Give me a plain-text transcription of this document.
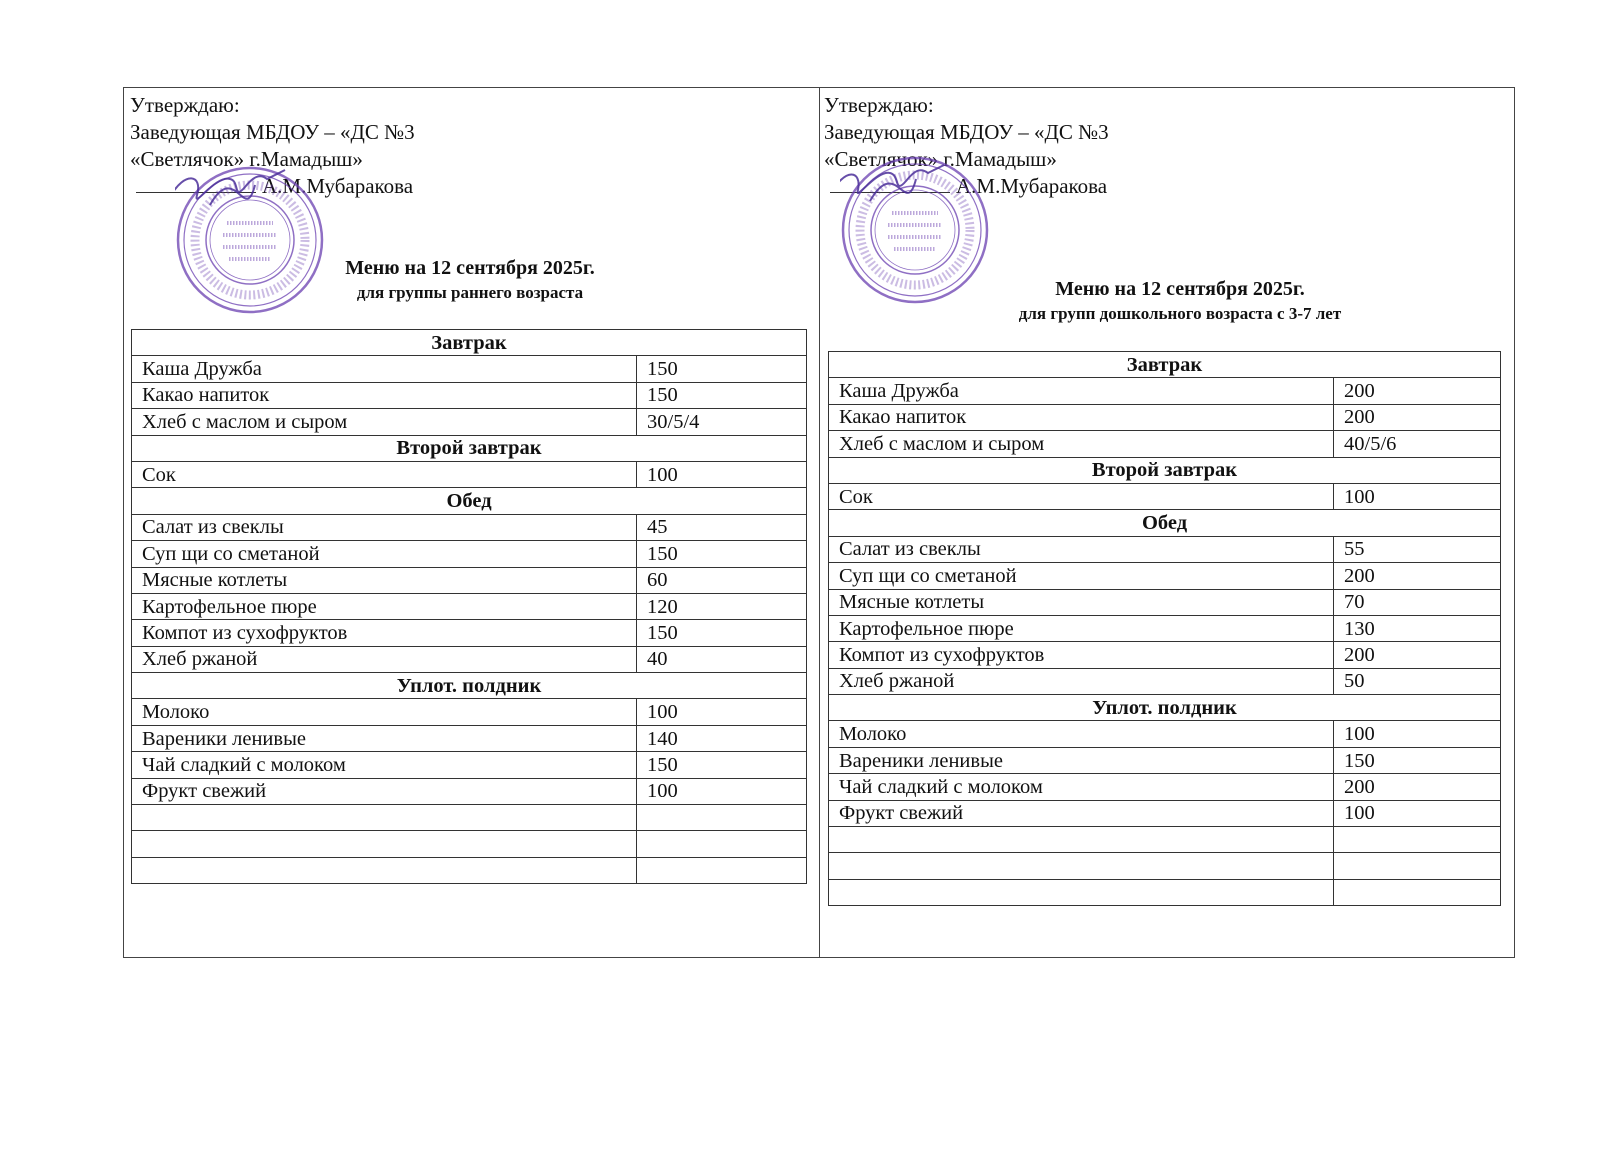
Утверждаю:
Заведующая МБДОУ – «ДС №3
«Светлячок» г.Мамадыш»
А.М.Мубаракова
Меню на 12 сентября 2025г.
для группы раннего возраста
Завтрак	
Каша Дружба	150
Какао напиток	150
Хлеб с маслом и сыром	30/5/4
Второй завтрак	
Сок	100
Обед	
Салат из свеклы	45
Суп щи со сметаной	150
Мясные котлеты	60
Картофельное пюре	120
Компот из сухофруктов	150
Хлеб ржаной	40
Уплот. полдник	
Молоко	100
Вареники ленивые	140
Чай сладкий с молоком	150
Фрукт свежий	100

Утверждаю:
Заведующая МБДОУ – «ДС №3
«Светлячок» г.Мамадыш»
А.М.Мубаракова
Меню на 12 сентября 2025г.
для групп дошкольного возраста с 3-7 лет
Завтрак	
Каша Дружба	200
Какао напиток	200
Хлеб с маслом и сыром	40/5/6
Второй завтрак	
Сок	100
Обед	
Салат из свеклы	55
Суп щи со сметаной	200
Мясные котлеты	70
Картофельное пюре	130
Компот из сухофруктов	200
Хлеб ржаной	50
Уплот. полдник	
Молоко	100
Вареники ленивые	150
Чай сладкий с молоком	200
Фрукт свежий	100
